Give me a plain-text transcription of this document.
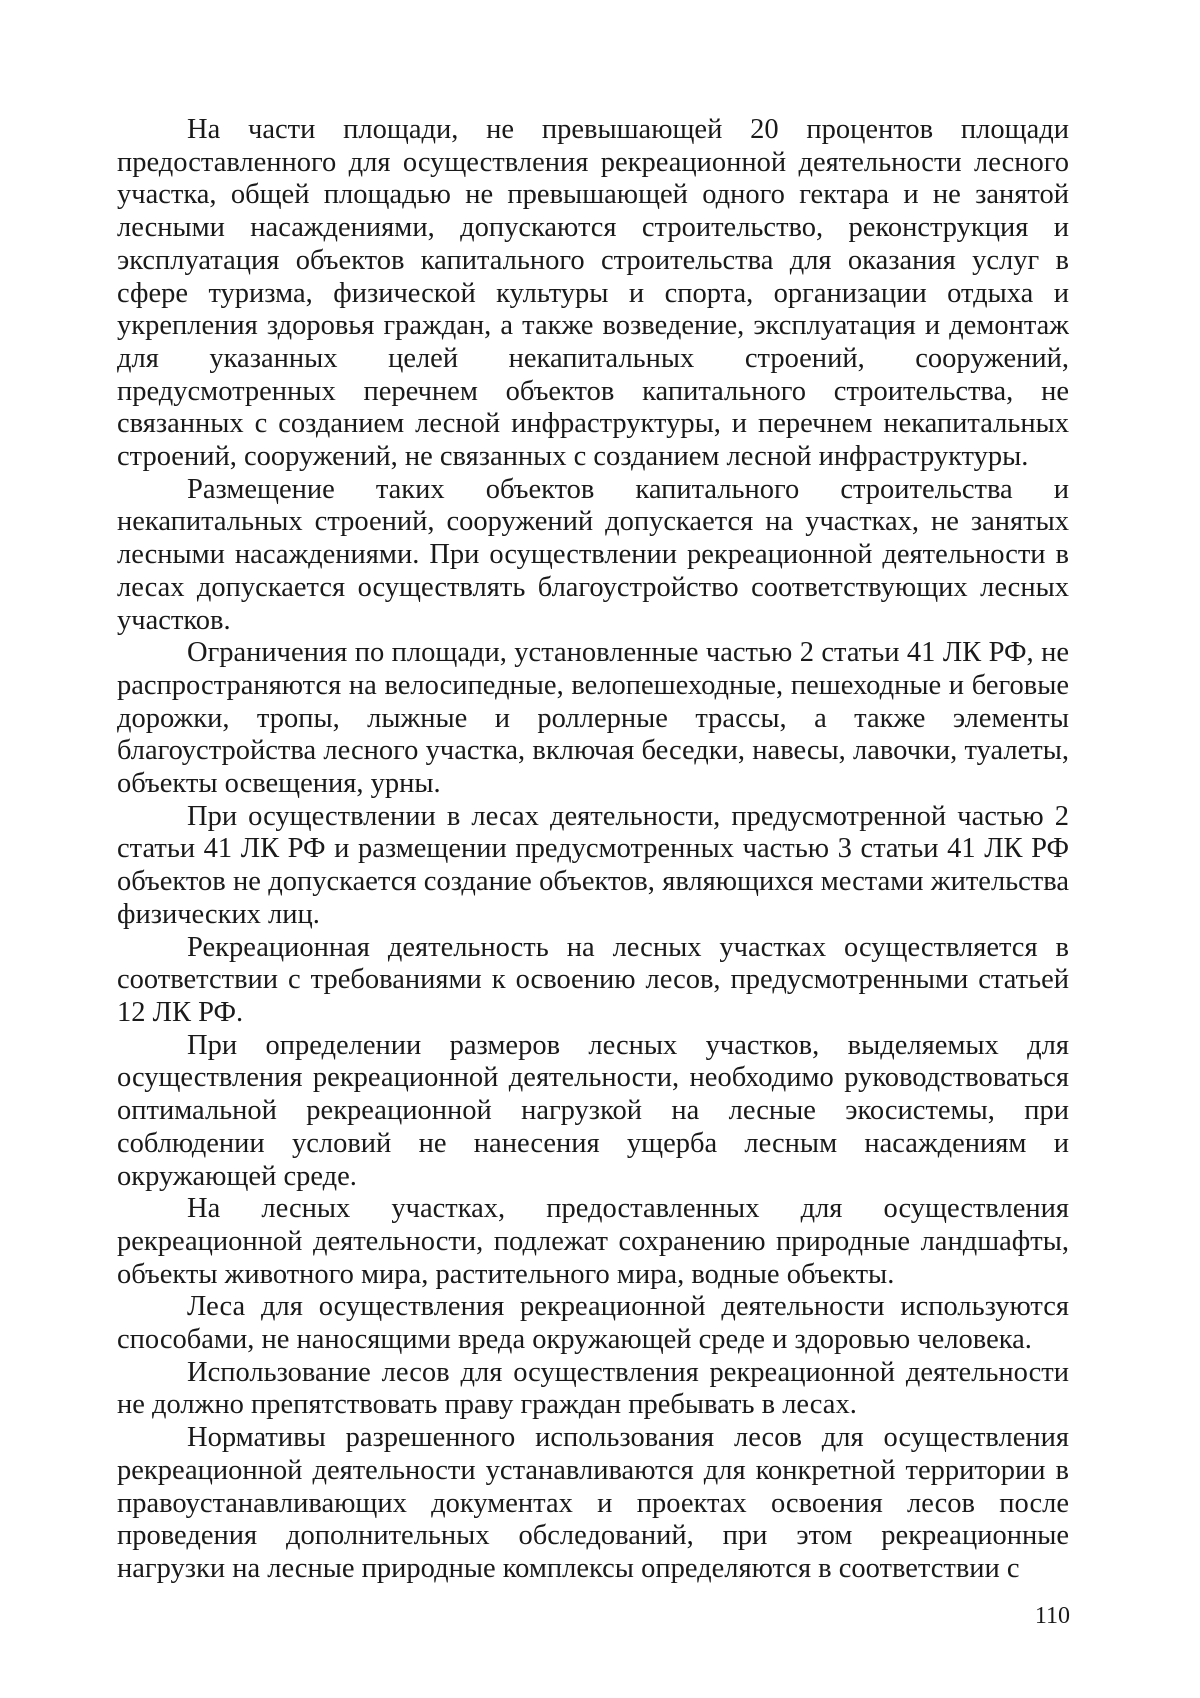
На части площади, не превышающей 20 процентов площади предоставленного для осуществления рекреационной деятельности лесного участка, общей площадью не превышающей одного гектара и не занятой лесными насаждениями, допускаются строительство, реконструкция и эксплуатация объектов капитального строительства для оказания услуг в сфере туризма, физической культуры и спорта, организации отдыха и укрепления здоровья граждан, а также возведение, эксплуатация и демонтаж для указанных целей некапитальных строений, сооружений, предусмотренных перечнем объектов капитального строительства, не связанных с созданием лесной инфраструктуры, и перечнем некапитальных строений, сооружений, не связанных с созданием лесной инфраструктуры.

Размещение таких объектов капитального строительства и некапитальных строений, сооружений допускается на участках, не занятых лесными насаждениями. При осуществлении рекреационной деятельности в лесах допускается осуществлять благоустройство соответствующих лесных участков.

Ограничения по площади, установленные частью 2 статьи 41 ЛК РФ, не распространяются на велосипедные, велопешеходные, пешеходные и беговые дорожки, тропы, лыжные и роллерные трассы, а также элементы благоустройства лесного участка, включая беседки, навесы, лавочки, туалеты, объекты освещения, урны.

При осуществлении в лесах деятельности, предусмотренной частью 2 статьи 41 ЛК РФ и размещении предусмотренных частью 3 статьи 41 ЛК РФ объектов не допускается создание объектов, являющихся местами жительства физических лиц.

Рекреационная деятельность на лесных участках осуществляется в соответствии с требованиями к освоению лесов, предусмотренными статьей 12 ЛК РФ.

При определении размеров лесных участков, выделяемых для осуществления рекреационной деятельности, необходимо руководствоваться оптимальной рекреационной нагрузкой на лесные экосистемы, при соблюдении условий не нанесения ущерба лесным насаждениям и окружающей среде.

На лесных участках, предоставленных для осуществления рекреационной деятельности, подлежат сохранению природные ландшафты, объекты животного мира, растительного мира, водные объекты.

Леса для осуществления рекреационной деятельности используются способами, не наносящими вреда окружающей среде и здоровью человека.

Использование лесов для осуществления рекреационной деятельности не должно препятствовать праву граждан пребывать в лесах.

Нормативы разрешенного использования лесов для осуществления рекреационной деятельности устанавливаются для конкретной территории в правоустанавливающих документах и проектах освоения лесов после проведения дополнительных обследований, при этом рекреационные нагрузки на лесные природные комплексы определяются в соответствии с

110
